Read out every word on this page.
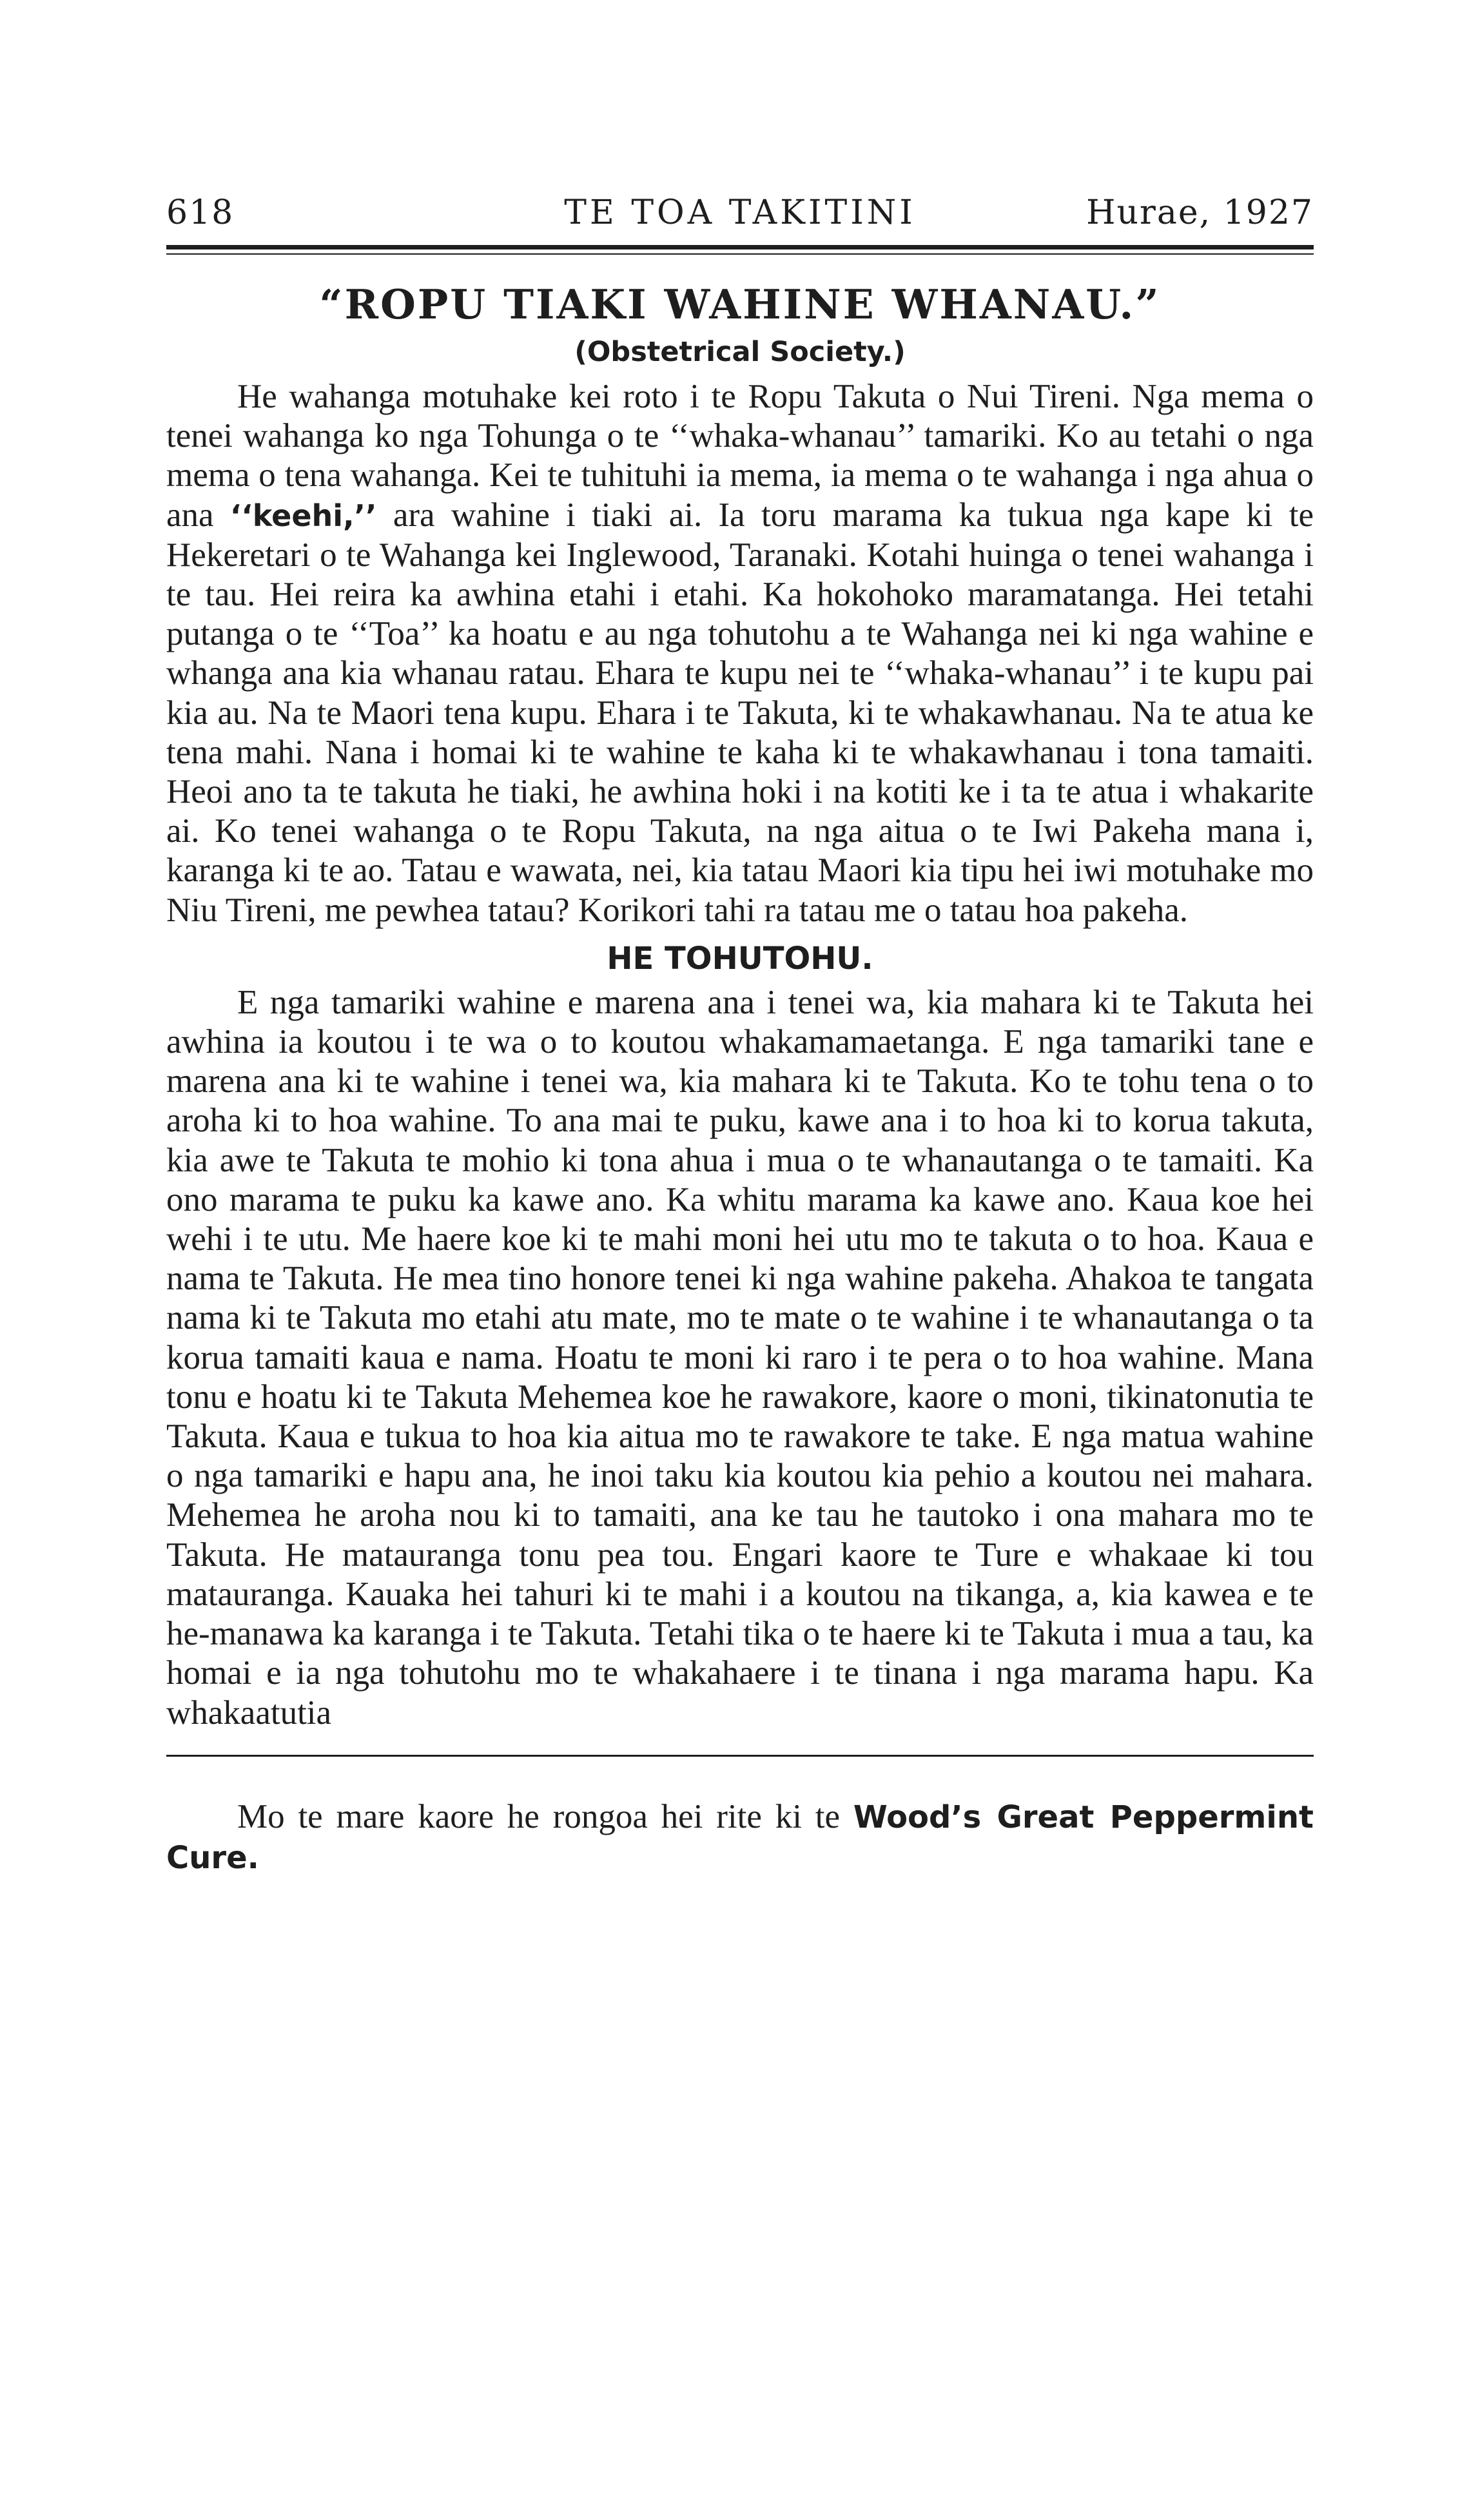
618	TE TOA TAKITINI	Hurae, 1927
“ROPU TIAKI WAHINE WHANAU.”
(Obstetrical Society.)

He wahanga motuhake kei roto i te Ropu Takuta o Nui Tireni. Nga mema o tenei wahanga ko nga Tohunga o te ‘‘whaka-whanau’’ tamariki. Ko au tetahi o nga mema o tena wahanga. Kei te tuhituhi ia mema, ia mema o te wahanga i nga ahua o ana ‘‘keehi,’’ ara wahine i tiaki ai. Ia toru marama ka tukua nga kape ki te Hekeretari o te Wahanga kei Inglewood, Taranaki. Kotahi huinga o tenei wahanga i te tau. Hei reira ka awhina etahi i etahi. Ka hokohoko maramatanga. Hei tetahi putanga o te ‘‘Toa’’ ka hoatu e au nga tohutohu a te Wahanga nei ki nga wahine e whanga ana kia whanau ratau. Ehara te kupu nei te ‘‘whaka-whanau’’ i te kupu pai kia au. Na te Maori tena kupu. Ehara i te Takuta, ki te whakawhanau. Na te atua ke tena mahi. Nana i homai ki te wahine te kaha ki te whakawhanau i tona tamaiti. Heoi ano ta te takuta he tiaki, he awhina hoki i na kotiti ke i ta te atua i whakarite ai. Ko tenei wahanga o te Ropu Takuta, na nga aitua o te Iwi Pakeha mana i, karanga ki te ao. Tatau e wawata, nei, kia tatau Maori kia tipu hei iwi motuhake mo Niu Tireni, me pewhea tatau? Korikori tahi ra tatau me o tatau hoa pakeha.

HE TOHUTOHU.

E nga tamariki wahine e marena ana i tenei wa, kia mahara ki te Takuta hei awhina ia koutou i te wa o to koutou whakamamaetanga. E nga tamariki tane e marena ana ki te wahine i tenei wa, kia mahara ki te Takuta. Ko te tohu tena o to aroha ki to hoa wahine. To ana mai te puku, kawe ana i to hoa ki to korua takuta, kia awe te Takuta te mohio ki tona ahua i mua o te whanautanga o te tamaiti. Ka ono marama te puku ka kawe ano. Ka whitu marama ka kawe ano. Kaua koe hei wehi i te utu. Me haere koe ki te mahi moni hei utu mo te takuta o to hoa. Kaua e nama te Takuta. He mea tino honore tenei ki nga wahine pakeha. Ahakoa te tangata nama ki te Takuta mo etahi atu mate, mo te mate o te wahine i te whanautanga o ta korua tamaiti kaua e nama. Hoatu te moni ki raro i te pera o to hoa wahine. Mana tonu e hoatu ki te Takuta Mehemea koe he rawakore, kaore o moni, tikinatonutia te Takuta. Kaua e tukua to hoa kia aitua mo te rawakore te take. E nga matua wahine o nga tamariki e hapu ana, he inoi taku kia koutou kia pehio a koutou nei mahara. Mehemea he aroha nou ki to tamaiti, ana ke tau he tautoko i ona mahara mo te Takuta. He matauranga tonu pea tou. Engari kaore te Ture e whakaae ki tou matauranga. Kauaka hei tahuri ki te mahi i a koutou na tikanga, a, kia kawea e te he-manawa ka karanga i te Takuta. Tetahi tika o te haere ki te Takuta i mua a tau, ka homai e ia nga tohutohu mo te whakahaere i te tinana i nga marama hapu. Ka whakaatutia

Mo te mare kaore he rongoa hei rite ki te Wood’s Great Peppermint Cure.
